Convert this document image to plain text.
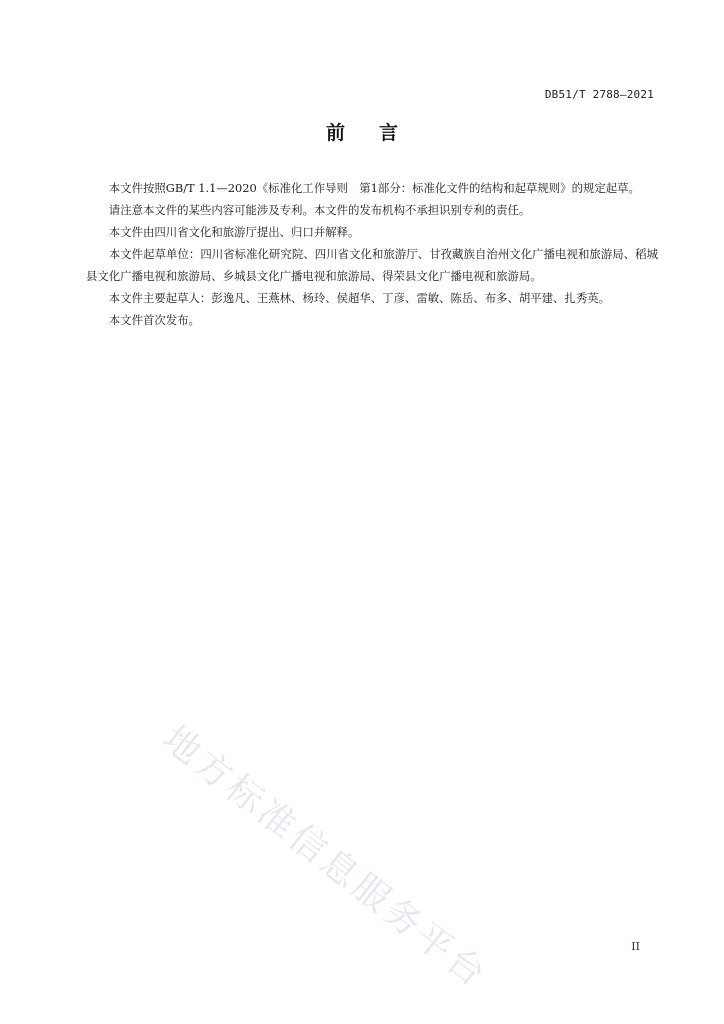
地方标准信息服务平台
DB51/T 2788—2021
前言

本文件按照GB/T 1.1—2020《标准化工作导则　第1部分：标准化文件的结构和起草规则》的规定起草。

请注意本文件的某些内容可能涉及专利。本文件的发布机构不承担识别专利的责任。

本文件由四川省文化和旅游厅提出、归口并解释。

本文件起草单位：四川省标准化研究院、四川省文化和旅游厅、甘孜藏族自治州文化广播电视和旅游局、稻城县文化广播电视和旅游局、乡城县文化广播电视和旅游局、得荣县文化广播电视和旅游局。

本文件主要起草人：彭逸凡、王燕林、杨玲、侯超华、丁彦、雷敏、陈岳、布多、胡平建、扎秀英。

本文件首次发布。

II
